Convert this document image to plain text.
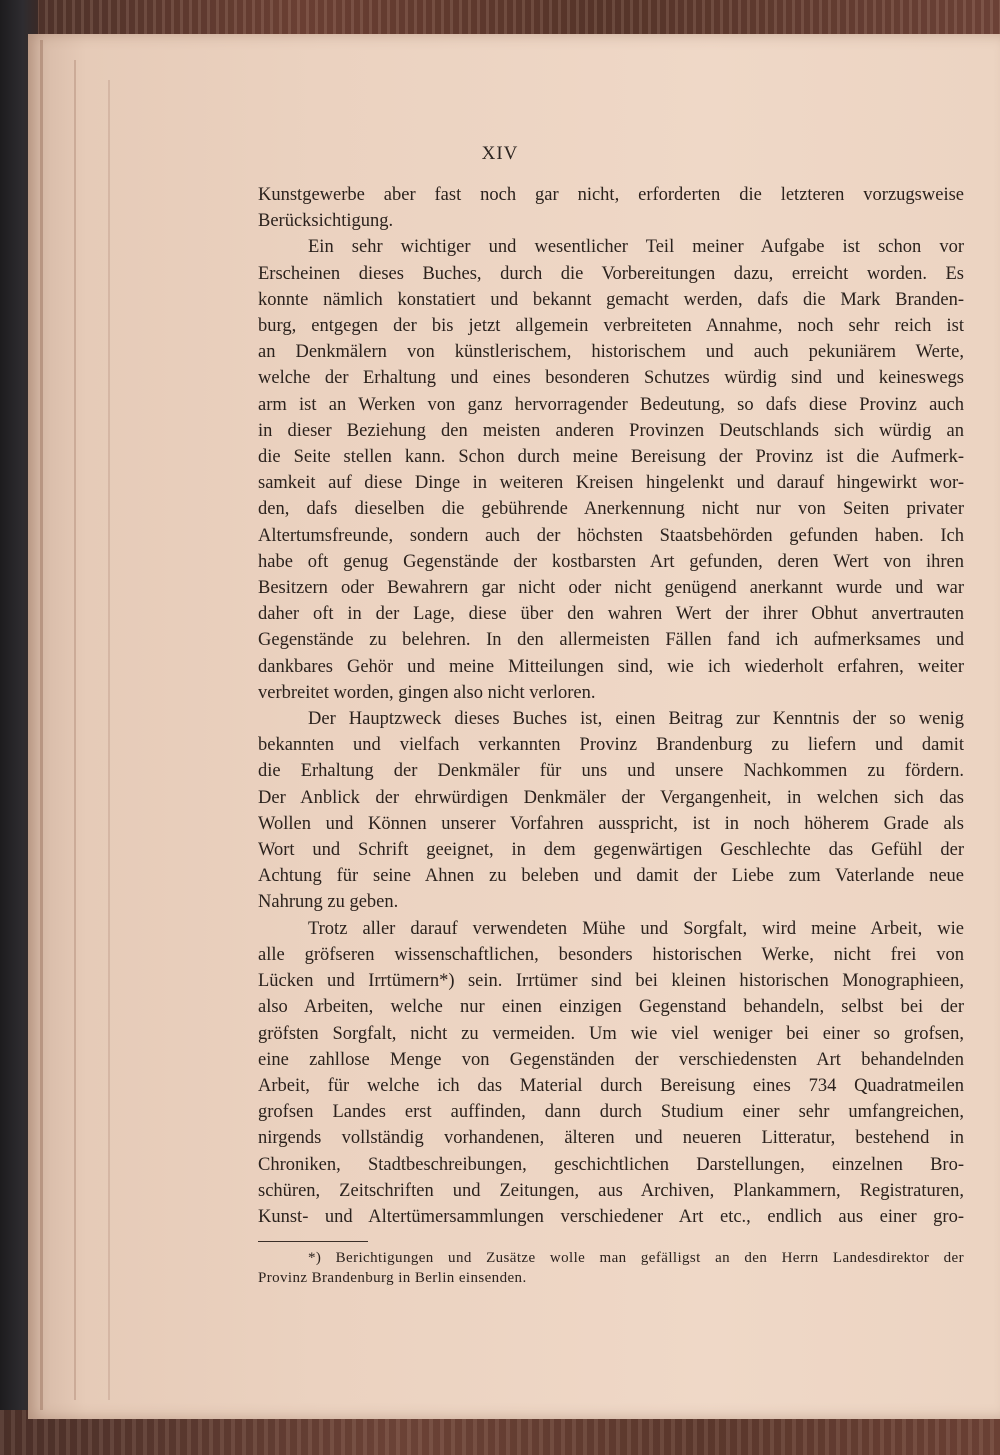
XIV
Kunstgewerbe aber fast noch gar nicht, erforderten die letzteren vorzugsweise
Berücksichtigung.
Ein sehr wichtiger und wesentlicher Teil meiner Aufgabe ist schon vor
Erscheinen dieses Buches, durch die Vorbereitungen dazu, erreicht worden. Es
konnte nämlich konstatiert und bekannt gemacht werden, dafs die Mark Branden-
burg, entgegen der bis jetzt allgemein verbreiteten Annahme, noch sehr reich ist
an Denkmälern von künstlerischem, historischem und auch pekuniärem Werte,
welche der Erhaltung und eines besonderen Schutzes würdig sind und keineswegs
arm ist an Werken von ganz hervorragender Bedeutung, so dafs diese Provinz auch
in dieser Beziehung den meisten anderen Provinzen Deutschlands sich würdig an
die Seite stellen kann. Schon durch meine Bereisung der Provinz ist die Aufmerk-
samkeit auf diese Dinge in weiteren Kreisen hingelenkt und darauf hingewirkt wor-
den, dafs dieselben die gebührende Anerkennung nicht nur von Seiten privater
Altertumsfreunde, sondern auch der höchsten Staatsbehörden gefunden haben. Ich
habe oft genug Gegenstände der kostbarsten Art gefunden, deren Wert von ihren
Besitzern oder Bewahrern gar nicht oder nicht genügend anerkannt wurde und war
daher oft in der Lage, diese über den wahren Wert der ihrer Obhut anvertrauten
Gegenstände zu belehren. In den allermeisten Fällen fand ich aufmerksames und
dankbares Gehör und meine Mitteilungen sind, wie ich wiederholt erfahren, weiter
verbreitet worden, gingen also nicht verloren.
Der Hauptzweck dieses Buches ist, einen Beitrag zur Kenntnis der so wenig
bekannten und vielfach verkannten Provinz Brandenburg zu liefern und damit
die Erhaltung der Denkmäler für uns und unsere Nachkommen zu fördern.
Der Anblick der ehrwürdigen Denkmäler der Vergangenheit, in welchen sich das
Wollen und Können unserer Vorfahren ausspricht, ist in noch höherem Grade als
Wort und Schrift geeignet, in dem gegenwärtigen Geschlechte das Gefühl der
Achtung für seine Ahnen zu beleben und damit der Liebe zum Vaterlande neue
Nahrung zu geben.
Trotz aller darauf verwendeten Mühe und Sorgfalt, wird meine Arbeit, wie
alle gröfseren wissenschaftlichen, besonders historischen Werke, nicht frei von
Lücken und Irrtümern*) sein. Irrtümer sind bei kleinen historischen Monographieen,
also Arbeiten, welche nur einen einzigen Gegenstand behandeln, selbst bei der
gröfsten Sorgfalt, nicht zu vermeiden. Um wie viel weniger bei einer so grofsen,
eine zahllose Menge von Gegenständen der verschiedensten Art behandelnden
Arbeit, für welche ich das Material durch Bereisung eines 734 Quadratmeilen
grofsen Landes erst auffinden, dann durch Studium einer sehr umfangreichen,
nirgends vollständig vorhandenen, älteren und neueren Litteratur, bestehend in
Chroniken, Stadtbeschreibungen, geschichtlichen Darstellungen, einzelnen Bro-
schüren, Zeitschriften und Zeitungen, aus Archiven, Plankammern, Registraturen,
Kunst- und Altertümersammlungen verschiedener Art etc., endlich aus einer gro-
*) Berichtigungen und Zusätze wolle man gefälligst an den Herrn Landesdirektor der
Provinz Brandenburg in Berlin einsenden.
